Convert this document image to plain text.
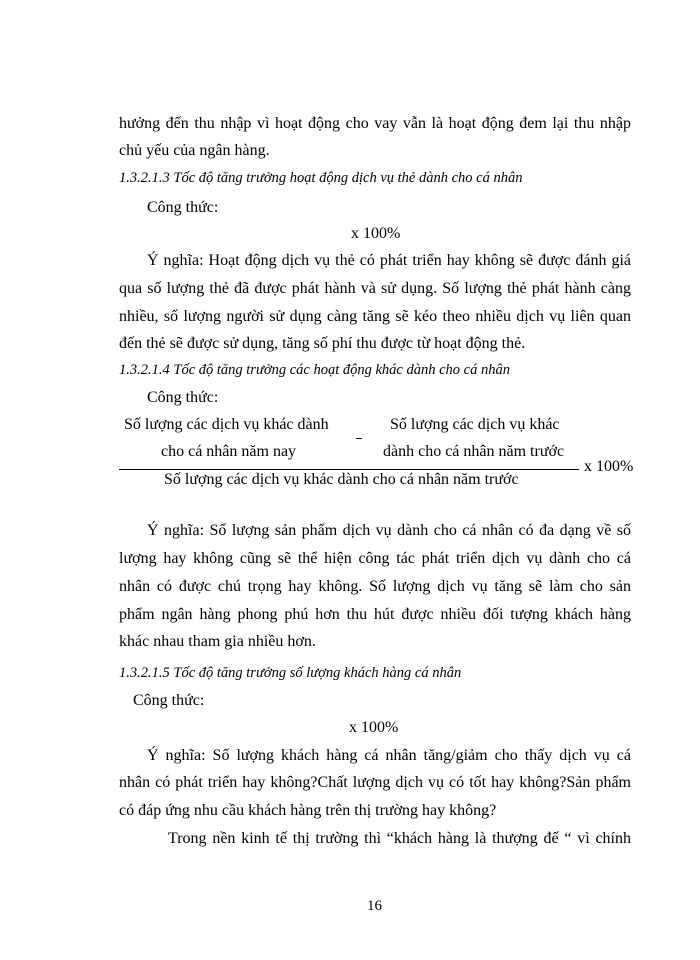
hưởng đến thu nhập vì hoạt động cho vay vẫn là hoạt động đem lại thu nhập
chủ yếu của ngân hàng.
1.3.2.1.3 Tốc độ tăng trưởng hoạt động dịch vụ thẻ dành cho cá nhân
Công thức:
x 100%
Ý nghĩa: Hoạt động dịch vụ thẻ có phát triển hay không sẽ được đánh giá
qua số lượng thẻ đã được phát hành và sử dụng. Số lượng thẻ phát hành càng
nhiều, số lượng người sử dụng càng tăng sẽ kéo theo nhiều dịch vụ liên quan
đến thẻ sẽ được sử dụng, tăng số phí thu được từ hoạt động thẻ.
1.3.2.1.4 Tốc độ tăng trưởng các hoạt động khác dành cho cá nhân
Công thức:
Số lượng các dịch vụ khác dành
cho cá nhân năm nay
Số lượng các dịch vụ khác
dành cho cá nhân năm trước
x 100%
Số lượng các dịch vụ khác dành cho cá nhân năm trước
Ý nghĩa: Số lượng sản phẩm dịch vụ dành cho cá nhân có đa dạng về số
lượng hay không cũng sẽ thể hiện công tác phát triển dịch vụ dành cho cá
nhân có được chú trọng hay không. Số lượng dịch vụ tăng sẽ làm cho sản
phẩm ngân hàng phong phú hơn thu hút được nhiều đối tượng khách hàng
khác nhau tham gia nhiều hơn.
1.3.2.1.5 Tốc độ tăng trưởng số lượng khách hàng cá nhân
Công thức:
x 100%
Ý nghĩa: Số lượng khách hàng cá nhân tăng/giảm cho thấy dịch vụ cá
nhân có phát triển hay không?Chất lượng dịch vụ có tốt hay không?Sản phẩm
có đáp ứng nhu cầu khách hàng trên thị trường hay không?
Trong nền kinh tế thị trường thì “khách hàng là thượng đế “ vì chính
16
